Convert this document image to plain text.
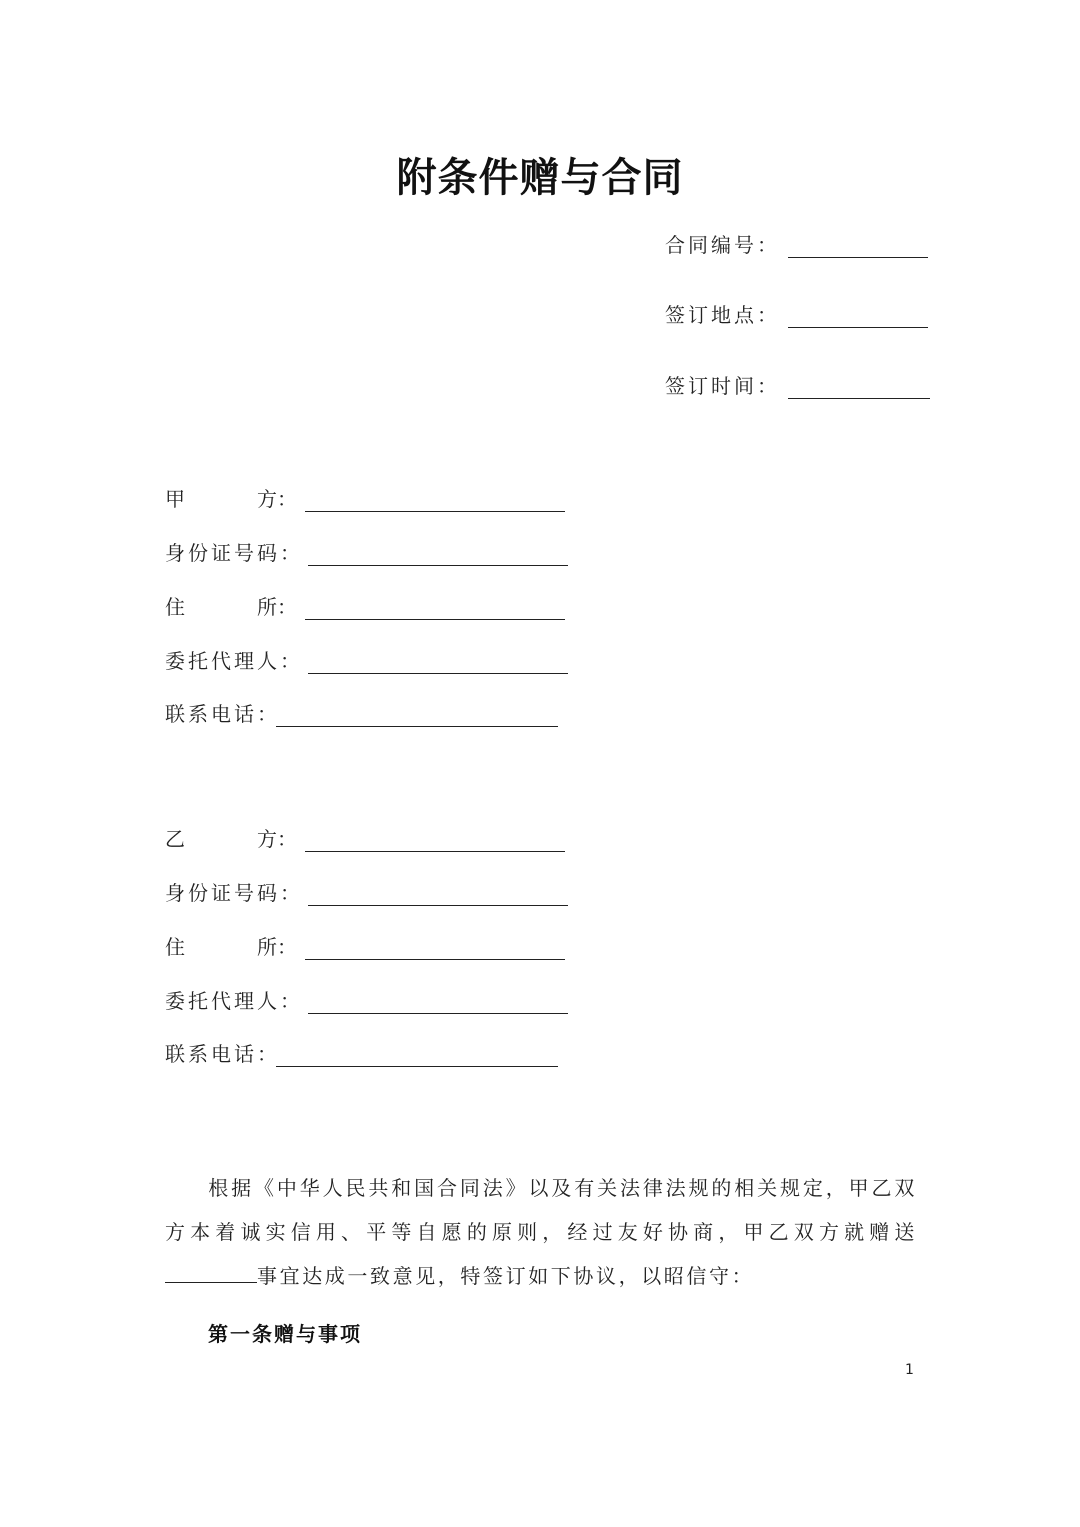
附条件赠与合同
合同编号：
签订地点：
签订时间：
甲	方 ：
身份证号码 ：
住	所 ：
委托代理人 ：
联系电话 ：
乙	方 ：
身份证号码 ：
住	所 ：
委托代理人 ：
联系电话 ：
根据《中华人民共和国合同法》以及有关法律法规的相关规定，甲乙双方本着诚实信用、平等自愿的原则，经过友好协商，甲乙双方就赠送事宜达成一致意见，特签订如下协议，以昭信守：
第一条赠与事项
1
